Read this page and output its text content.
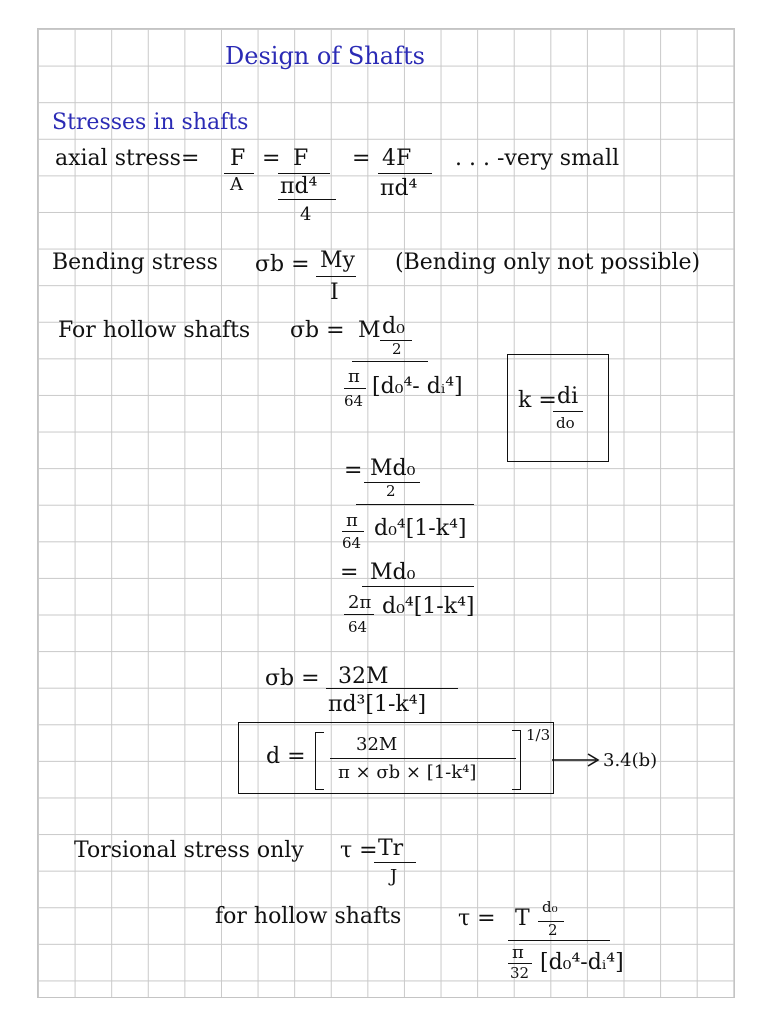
Design of Shafts
Stresses in shafts
axial stress= F
A
= F
πd⁴
4
= 4F
πd⁴
. . . -very small
Bending stress σb = My
I
(Bending only not possible)
For hollow shafts σb = M d₀
2
π
64
[d₀⁴- dᵢ⁴]
k = di
do
= Md₀
2
π
64
d₀⁴[1-k⁴]
= Md₀
2π
64
d₀⁴[1-k⁴]
σb = 32M
πd³[1-k⁴]
d =	32M
π × σb × [1-k⁴]
1/3
3.4(b)
Torsional stress only τ = Tr
J
for hollow shafts	τ = T d₀
2
π
32 [d₀⁴-dᵢ⁴]
